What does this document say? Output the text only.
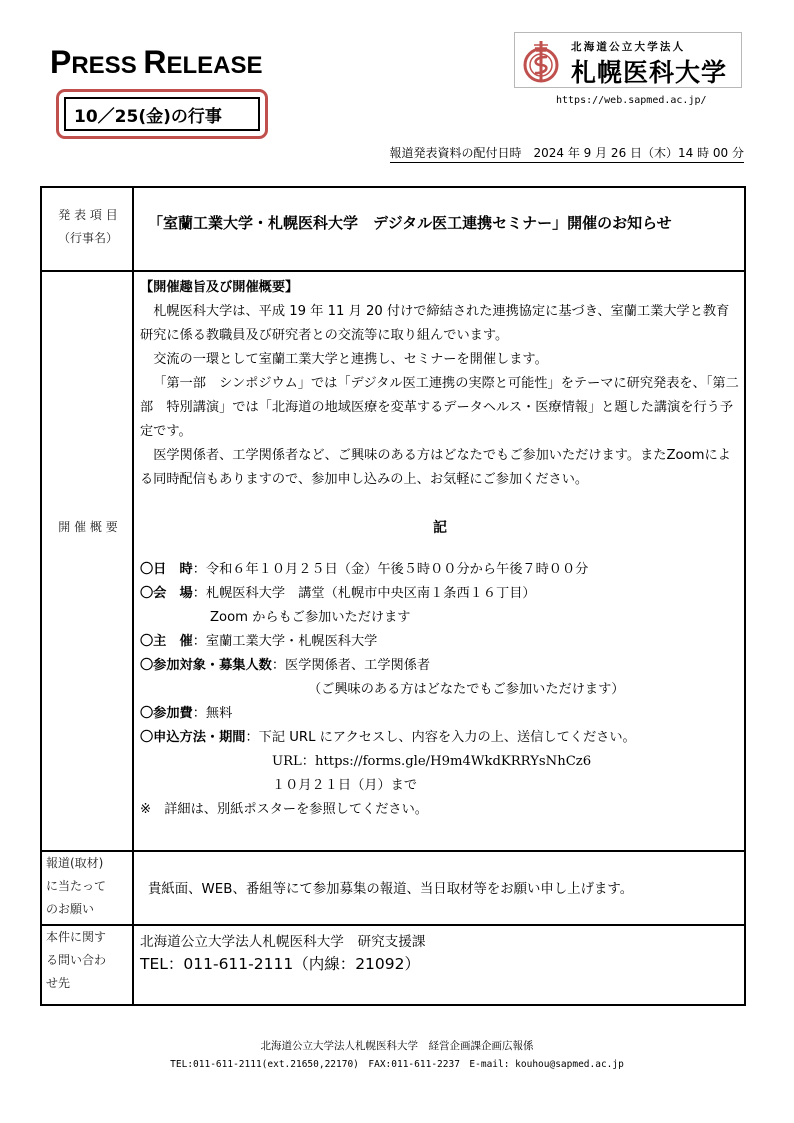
PRESS RELEASE
10／25(金)の行事
北海道公立大学法人
札幌医科大学
https://web.sapmed.ac.jp/
報道発表資料の配付日時　2024 年 9 月 26 日（木）14 時 00 分
発 表 項 目
（行事名）
「室蘭工業大学・札幌医科大学　デジタル医工連携セミナー」開催のお知らせ
開 催 概 要

【開催趣旨及び開催概要】

札幌医科大学は、平成 19 年 11 月 20 付けで締結された連携協定に基づき、室蘭工業大学と教育研究に係る教職員及び研究者との交流等に取り組んでいます。

交流の一環として室蘭工業大学と連携し、セミナーを開催します。

「第一部　シンポジウム」では「デジタル医工連携の実際と可能性」をテーマに研究発表を、「第二部　特別講演」では「北海道の地域医療を変革するデータヘルス・医療情報」と題した講演を行う予定です。

医学関係者、工学関係者など、ご興味のある方はどなたでもご参加いただけます。またZoomによる同時配信もありますので、参加申し込みの上、お気軽にご参加ください。

記

〇日　時：令和６年１０月２５日（金）午後５時００分から午後７時００分

〇会　場：札幌医科大学　講堂（札幌市中央区南１条西１６丁目）

Zoom からもご参加いただけます

〇主　催：室蘭工業大学・札幌医科大学

〇参加対象・募集人数：医学関係者、工学関係者

（ご興味のある方はどなたでもご参加いただけます）

〇参加費：無料

〇申込方法・期間：下記 URL にアクセスし、内容を入力の上、送信してください。

URL：https://forms.gle/H9m4WkdKRRYsNhCz6

１０月２１日（月）まで

※　詳細は、別紙ポスターを参照してください。

報道(取材)
に当たって
のお願い
貴紙面、WEB、番組等にて参加募集の報道、当日取材等をお願い申し上げます。
本件に関す
る問い合わ
せ先
北海道公立大学法人札幌医科大学　研究支援課
TEL：011-611-2111（内線：21092）
北海道公立大学法人札幌医科大学　経営企画課企画広報係
TEL:011-611-2111(ext.21650,22170)　FAX:011-611-2237　E-mail: kouhou@sapmed.ac.jp
